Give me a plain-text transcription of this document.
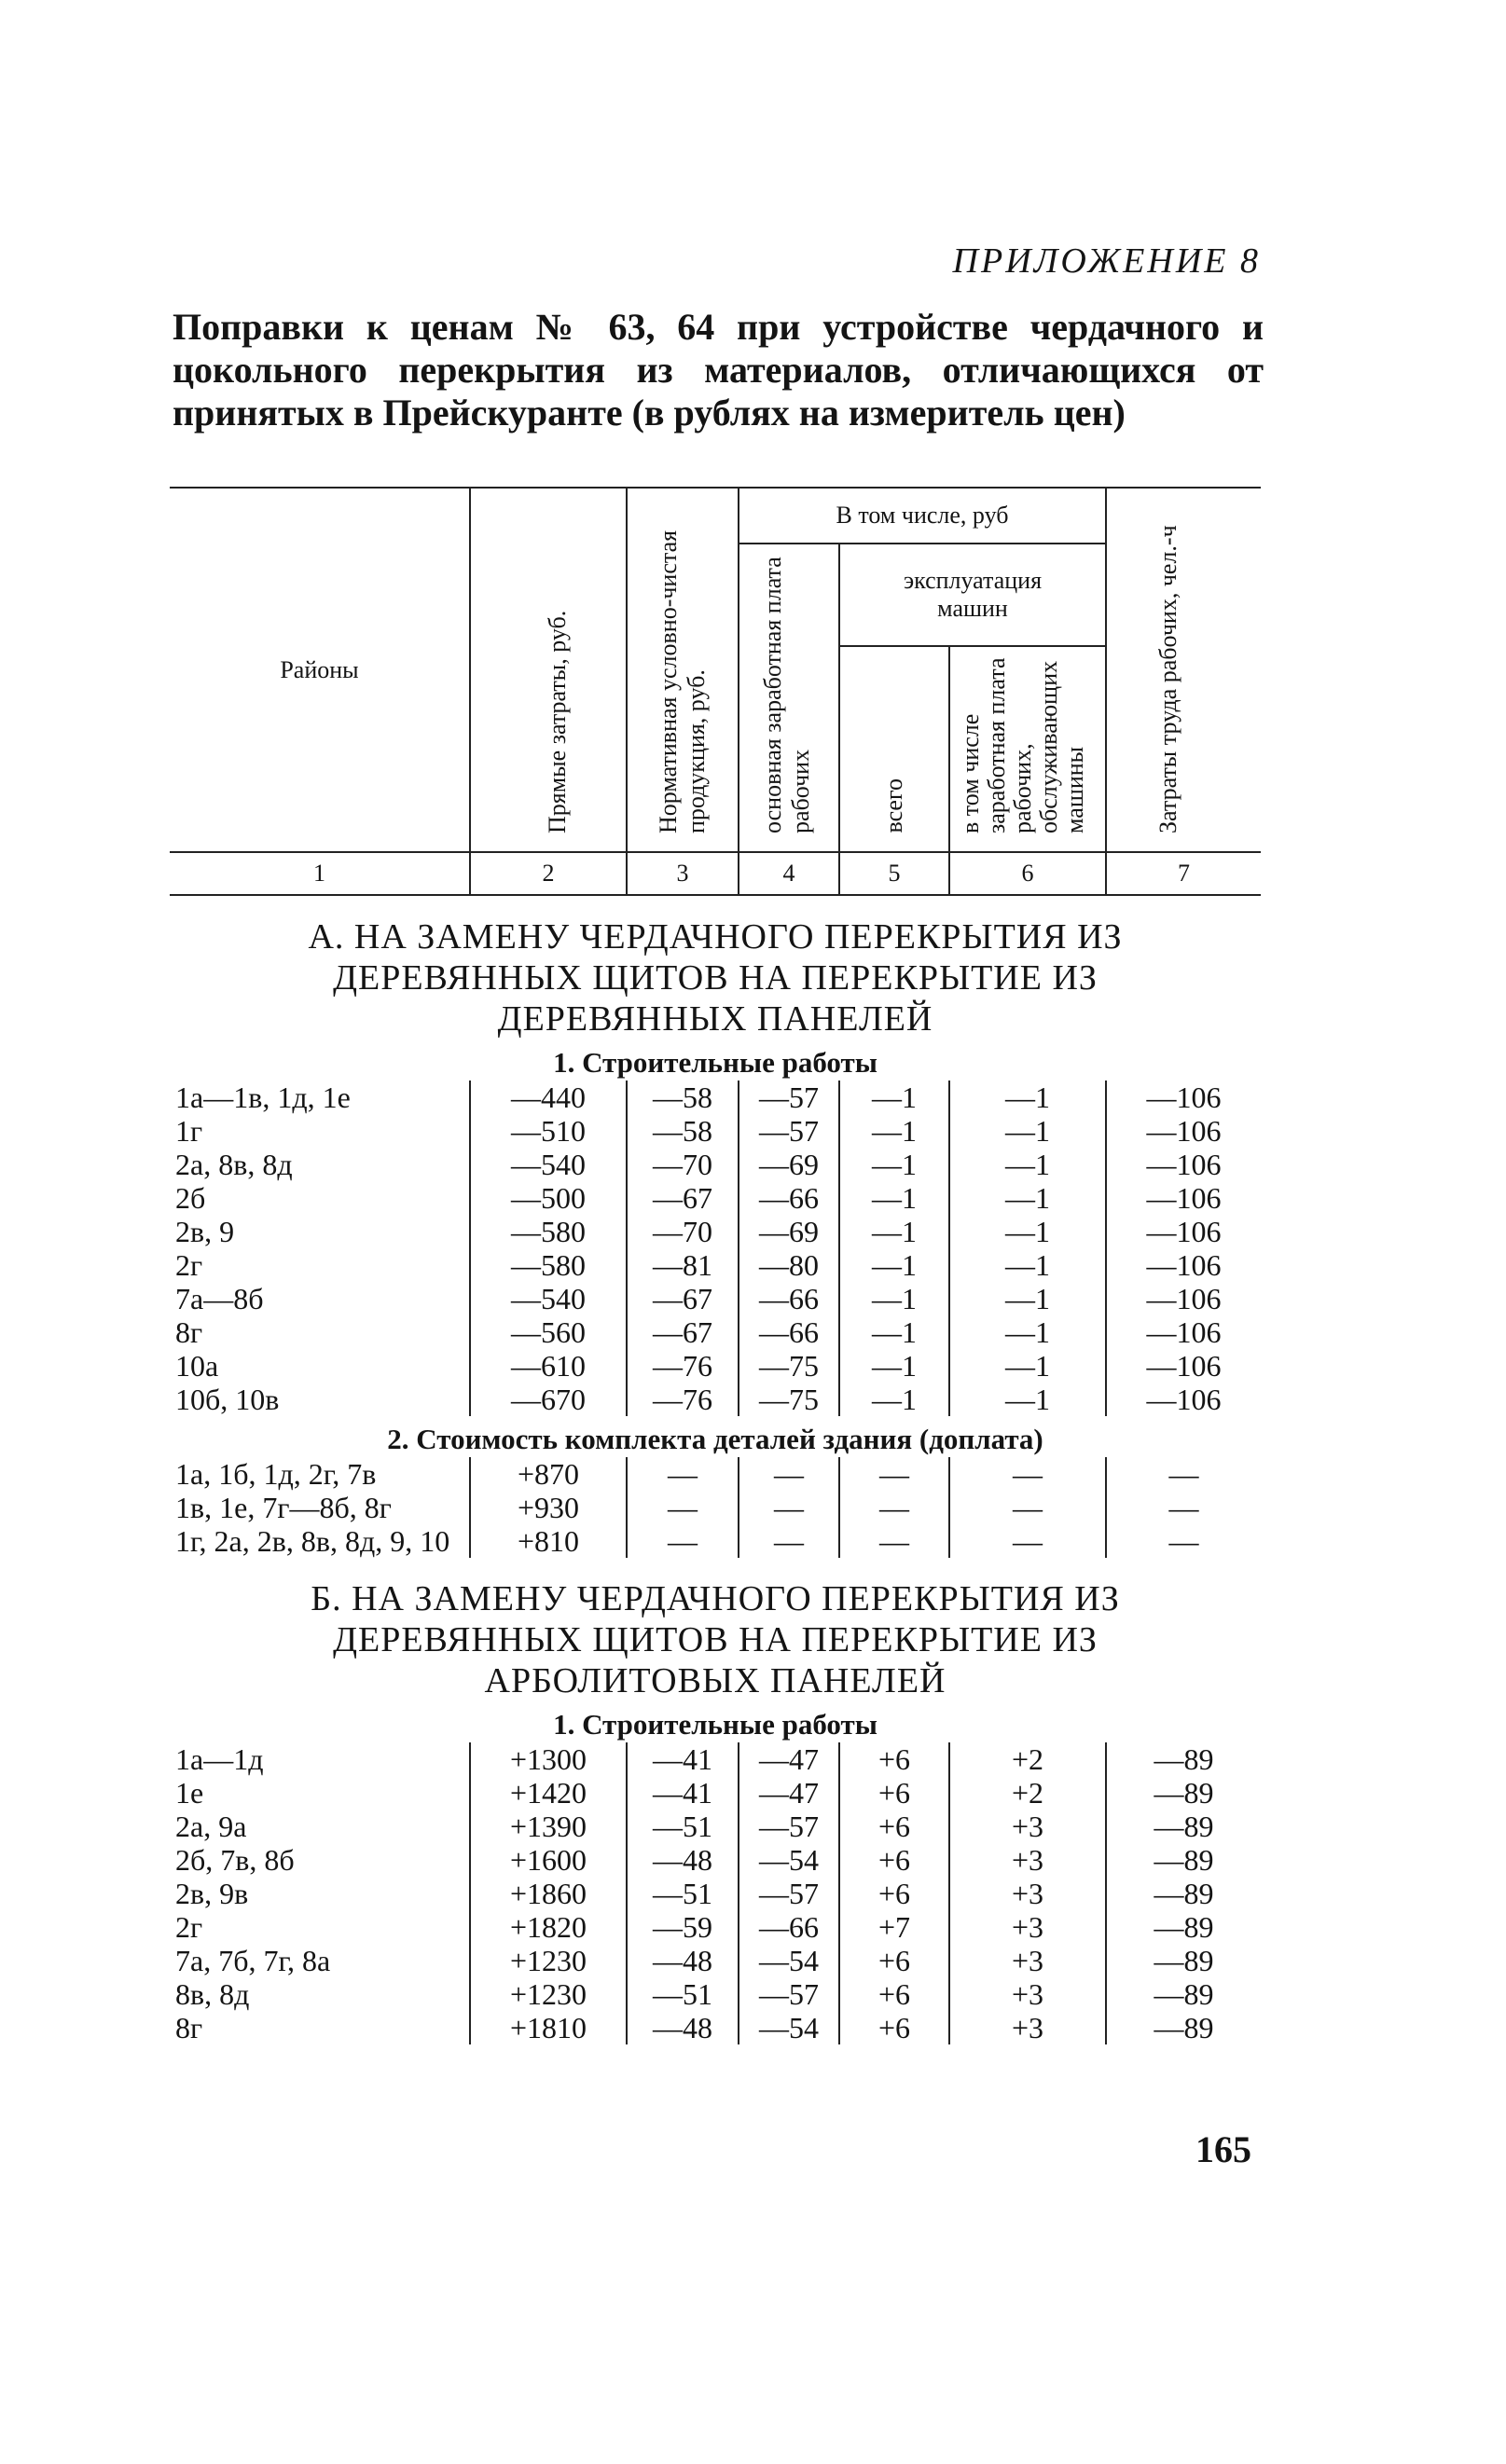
ПРИЛОЖЕНИЕ 8
Поправки к ценам № 63, 64 при устройстве чердачного и цокольного перекрытия из материалов, отличающихся от принятых в Прейскуранте (в рублях на измеритель цен)
Районы	Прямые затраты, руб.	Нормативная условно-чистая продукция, руб.	В том числе, руб			Затраты труда рабочих, чел.-ч
			основная заработная плата рабочих	эксплуатация машин		
				всего	в том числе заработная плата рабочих, обслуживающих машины	
1	2	3	4	5	6	7
А. НА ЗАМЕНУ ЧЕРДАЧНОГО ПЕРЕКРЫТИЯ ИЗ ДЕРЕВЯННЫХ ЩИТОВ НА ПЕРЕКРЫТИЕ ИЗ ДЕРЕВЯННЫХ ПАНЕЛЕЙ						
1. Строительные работы						
1а—1в, 1д, 1е	—440	—58	—57	—1	—1	—106
1г	—510	—58	—57	—1	—1	—106
2а, 8в, 8д	—540	—70	—69	—1	—1	—106
2б	—500	—67	—66	—1	—1	—106
2в, 9	—580	—70	—69	—1	—1	—106
2г	—580	—81	—80	—1	—1	—106
7а—8б	—540	—67	—66	—1	—1	—106
8г	—560	—67	—66	—1	—1	—106
10а	—610	—76	—75	—1	—1	—106
10б, 10в	—670	—76	—75	—1	—1	—106
2. Стоимость комплекта деталей здания (доплата)						
1а, 1б, 1д, 2г, 7в	+870	—	—	—	—	—
1в, 1е, 7г—8б, 8г	+930	—	—	—	—	—
1г, 2а, 2в, 8в, 8д, 9, 10	+810	—	—	—	—	—
Б. НА ЗАМЕНУ ЧЕРДАЧНОГО ПЕРЕКРЫТИЯ ИЗ ДЕРЕВЯННЫХ ЩИТОВ НА ПЕРЕКРЫТИЕ ИЗ АРБОЛИТОВЫХ ПАНЕЛЕЙ						
1. Строительные работы						
1а—1д	+1300	—41	—47	+6	+2	—89
1е	+1420	—41	—47	+6	+2	—89
2а, 9а	+1390	—51	—57	+6	+3	—89
2б, 7в, 8б	+1600	—48	—54	+6	+3	—89
2в, 9в	+1860	—51	—57	+6	+3	—89
2г	+1820	—59	—66	+7	+3	—89
7а, 7б, 7г, 8а	+1230	—48	—54	+6	+3	—89
8в, 8д	+1230	—51	—57	+6	+3	—89
8г	+1810	—48	—54	+6	+3	—89
165
